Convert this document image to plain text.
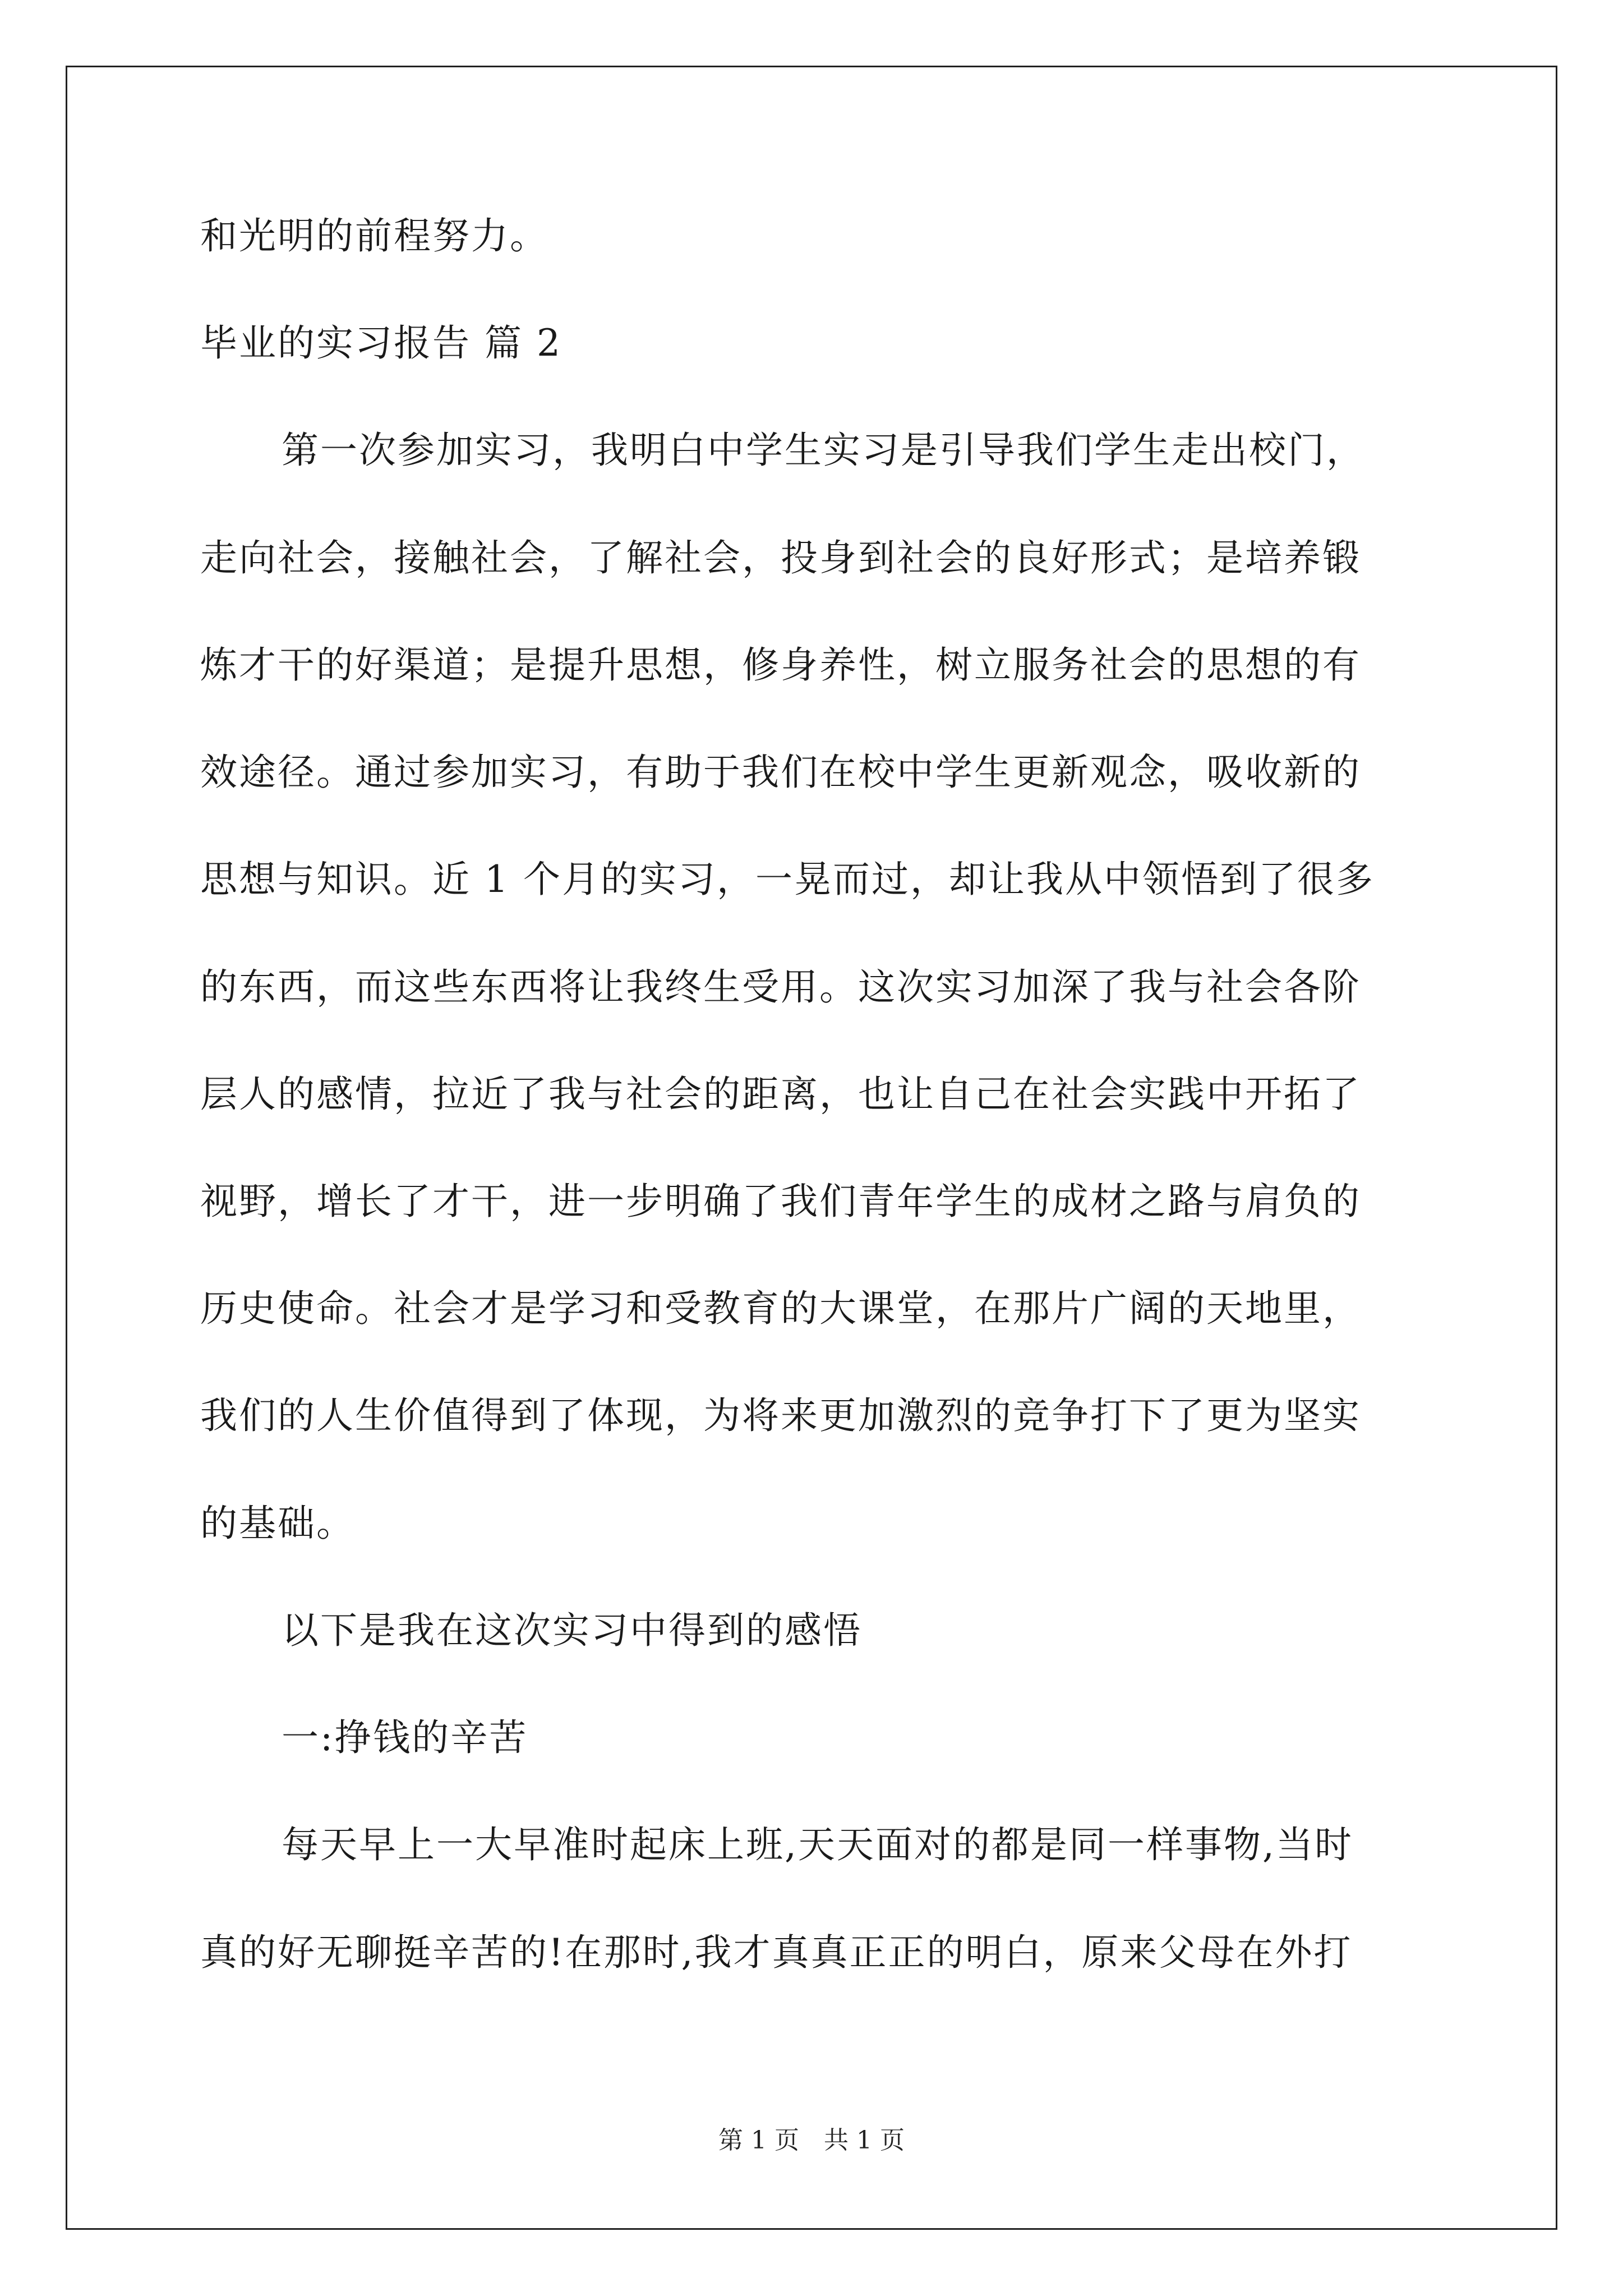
和光明的前程努力。
毕业的实习报告 篇 2
第一次参加实习，我明白中学生实习是引导我们学生走出校门，
走向社会，接触社会，了解社会，投身到社会的良好形式；是培养锻
炼才干的好渠道；是提升思想，修身养性，树立服务社会的思想的有
效途径。通过参加实习，有助于我们在校中学生更新观念，吸收新的
思想与知识。近 1 个月的实习，一晃而过，却让我从中领悟到了很多
的东西，而这些东西将让我终生受用。这次实习加深了我与社会各阶
层人的感情，拉近了我与社会的距离，也让自己在社会实践中开拓了
视野，增长了才干，进一步明确了我们青年学生的成材之路与肩负的
历史使命。社会才是学习和受教育的大课堂，在那片广阔的天地里，
我们的人生价值得到了体现，为将来更加激烈的竞争打下了更为坚实
的基础。
以下是我在这次实习中得到的感悟
一:挣钱的辛苦
每天早上一大早准时起床上班,天天面对的都是同一样事物,当时
真的好无聊挺辛苦的!在那时,我才真真正正的明白，原来父母在外打
第 1 页　共 1 页
